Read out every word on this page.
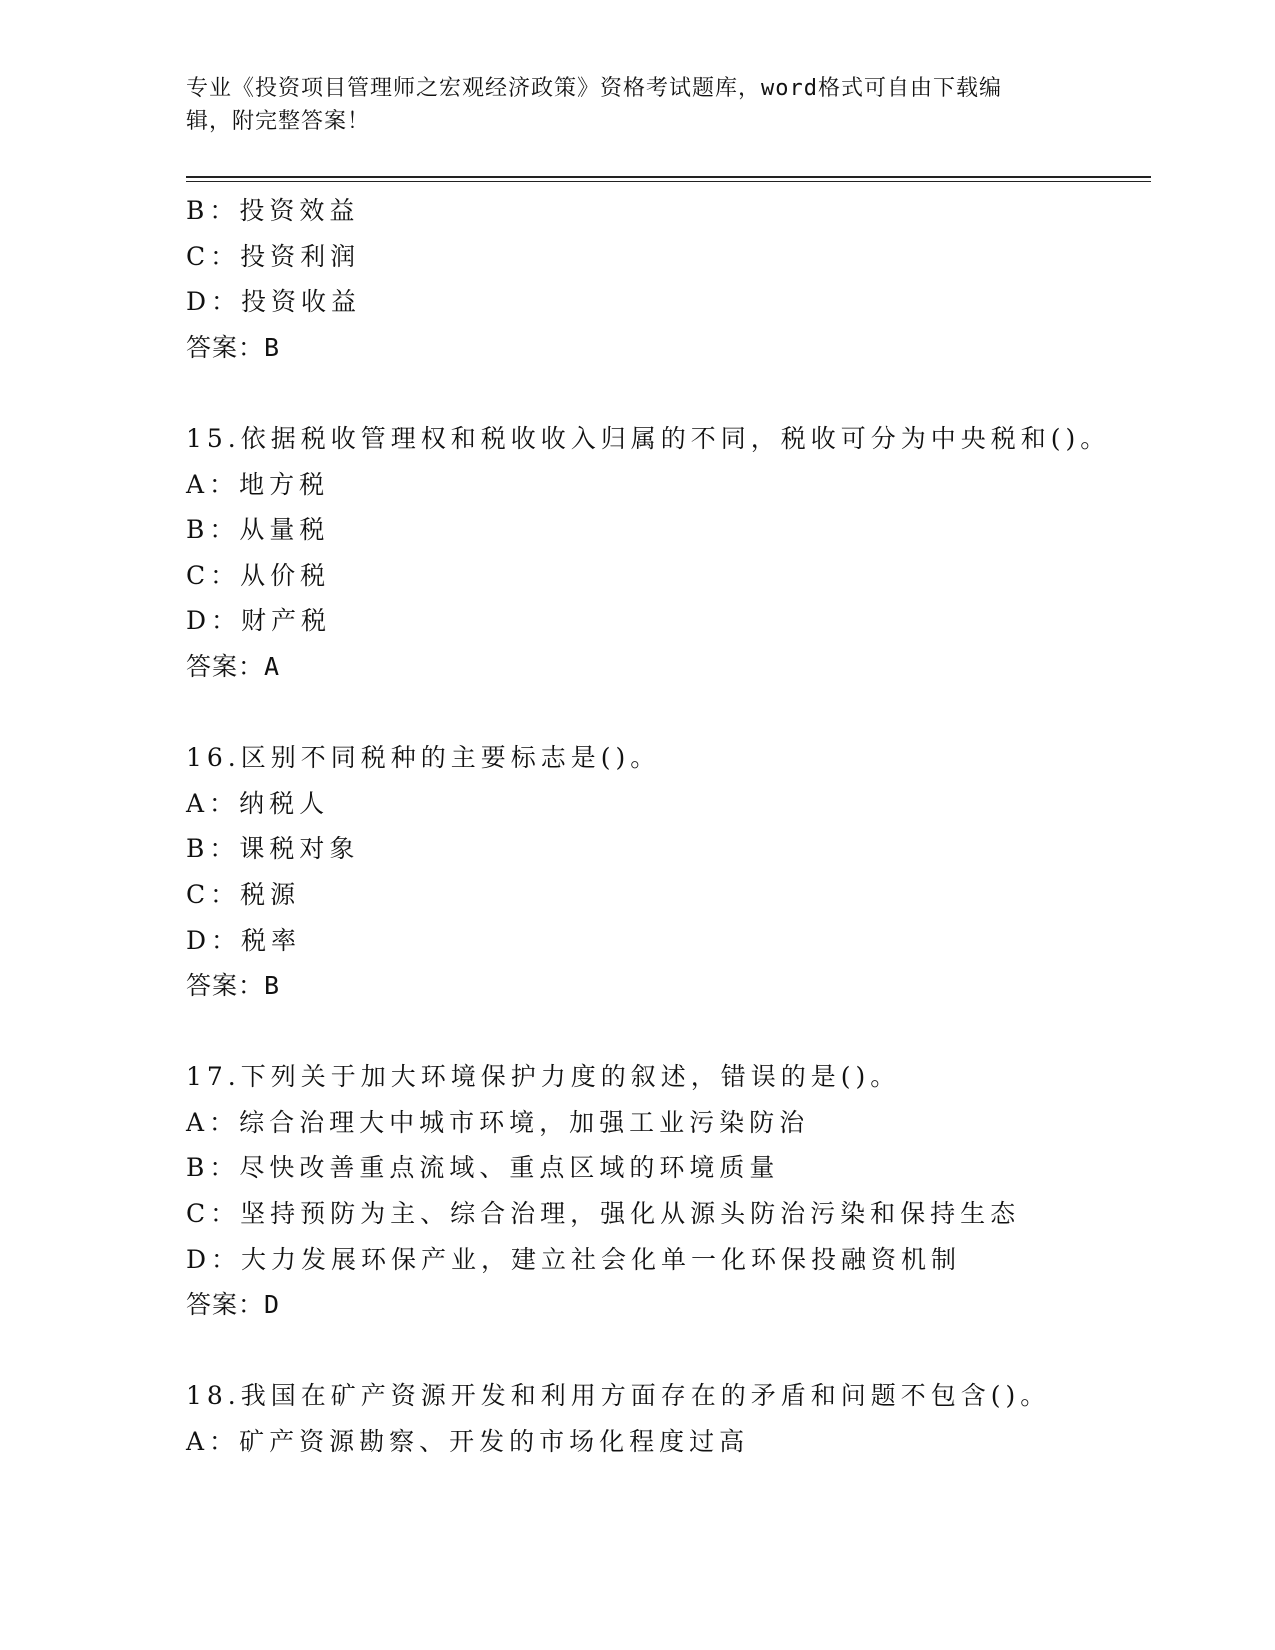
专业《投资项目管理师之宏观经济政策》资格考试题库，word格式可自由下载编

辑，附完整答案！

B：投资效益
C：投资利润
D：投资收益
答案：B
15.依据税收管理权和税收收入归属的不同，税收可分为中央税和()。
A：地方税
B：从量税
C：从价税
D：财产税
答案：A
16.区别不同税种的主要标志是()。
A：纳税人
B：课税对象
C：税源
D：税率
答案：B
17.下列关于加大环境保护力度的叙述，错误的是()。
A：综合治理大中城市环境，加强工业污染防治
B：尽快改善重点流域、重点区域的环境质量
C：坚持预防为主、综合治理，强化从源头防治污染和保持生态
D：大力发展环保产业，建立社会化单一化环保投融资机制
答案：D
18.我国在矿产资源开发和利用方面存在的矛盾和问题不包含()。
A：矿产资源勘察、开发的市场化程度过高
